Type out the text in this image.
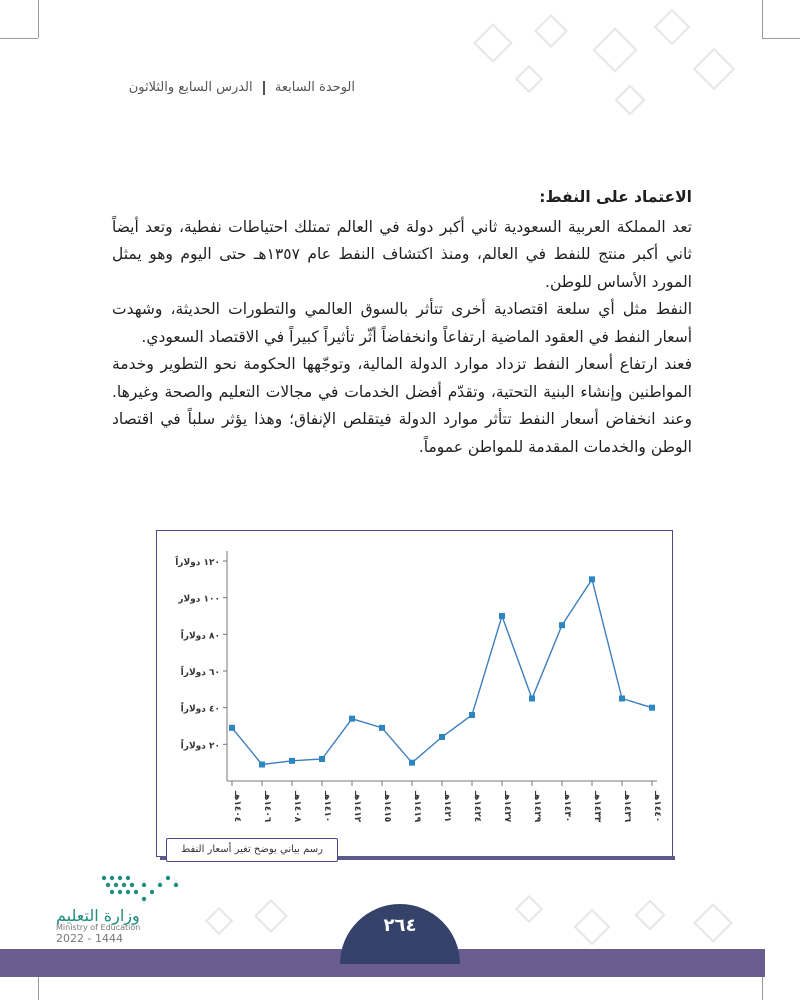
الوحدة السابعة  الدرس السابع والثلاثون
الاعتماد على النفط:

تعد المملكة العربية السعودية ثاني أكبر دولة في العالم تمتلك احتياطات نفطية، وتعد أيضاً ثاني أكبر منتج للنفط في العالم، ومنذ اكتشاف النفط عام ١٣٥٧هـ حتى اليوم وهو يمثل المورد الأساس للوطن.

النفط مثل أي سلعة اقتصادية أخرى تتأثر بالسوق العالمي والتطورات الحديثة، وشهدت أسعار النفط في العقود الماضية ارتفاعاً وانخفاضاً أثّر تأثيراً كبيراً في الاقتصاد السعودي.

فعند ارتفاع أسعار النفط تزداد موارد الدولة المالية، وتوجّهها الحكومة نحو التطوير وخدمة المواطنين وإنشاء البنية التحتية، وتقدّم أفضل الخدمات في مجالات التعليم والصحة وغيرها. وعند انخفاض أسعار النفط تتأثر موارد الدولة فيتقلص الإنفاق؛ وهذا يؤثر سلباً في اقتصاد الوطن والخدمات المقدمة للمواطن عموماً.

٢٠ دولاراً
٤٠ دولاراً
٦٠ دولاراً
٨٠ دولاراً
١٠٠ دولار
١٢٠ دولاراً
١٤٠٤هـ
١٤٠٦هـ
١٤٠٨هـ
١٤١٠هـ
١٤١٢هـ
١٤١٥هـ
١٤١٩هـ
١٤٢١هـ
١٤٢٤هـ
١٤٢٧هـ
١٤٢٩هـ
١٤٣٠هـ
١٤٣٣هـ
١٤٣٦هـ
١٤٤٠هـ
رسم بياني يوضح تغير أسعار النفط
وزارة التعليم
Ministry of Education
2022 - 1444
٢٦٤
